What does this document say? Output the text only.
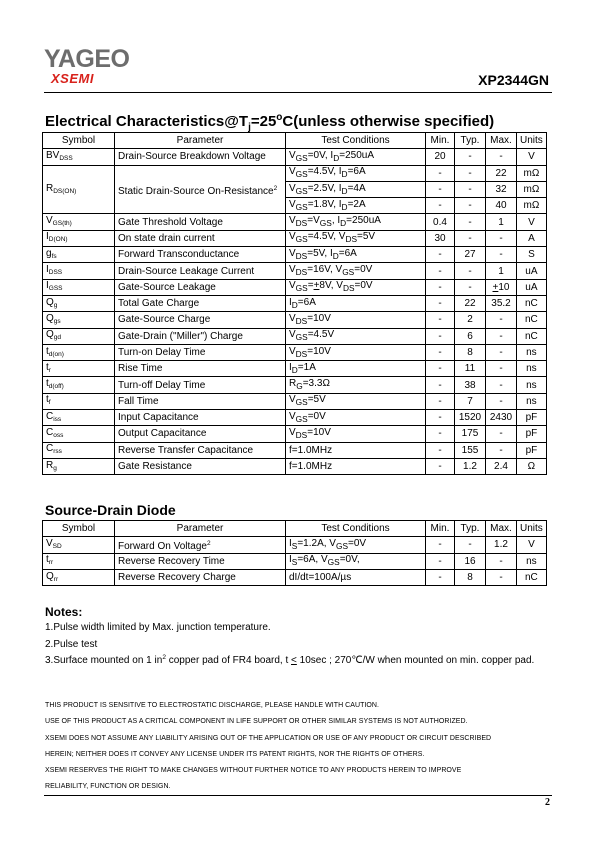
YAGEO
XSEMI	XP2344GN
Electrical $Characteristics@T_j=25^oC(unless$ otherwise specified)
Symbol	Parameter	Test Conditions	Min.	Typ.	Max.	Units
$BV_{DSS}$	Drain-Source Breakdown Voltage	$V_{GS}=0V$, $I_D=250uA$	20	-	-	V
$R_{DS(ON)}$	Static Drain-Source On-Resistance$^2$	$V_{GS}=4.5V$, $I_D=6A$	-	-	22	mΩ
		$V_{GS}=2.5V$, $I_D=4A$	-	-	32	mΩ
		$V_{GS}=1.8V$, $I_D=2A$	-	-	40	mΩ
$V_{GS(th)}$	Gate Threshold Voltage	$V_{DS}=V_{GS}$, $I_D=250uA$	0.4	-	1	V
$I_{D(ON)}$	On state drain current	$V_{GS}=4.5V$, $V_{DS}=5V$	30	-	-	A
$g_{fs}$	Forward Transconductance	$V_{DS}=5V$, $I_D=6A$	-	27	-	S
$I_{DSS}$	Drain-Source Leakage Current	$V_{DS}=16V$, $V_{GS}=0V$	-	-	1	uA
$I_{GSS}$	Gate-Source Leakage	$V_{GS}=+8V$, $V_{DS}=0V$	-	-	+10	uA
$Q_g$	Total Gate Charge	$I_D=6A$	-	22	35.2	nC
$Q_{gs}$	Gate-Source Charge	$V_{DS}=10V$	-	2	-	nC
$Q_{gd}$	Gate-Drain ("Miller") Charge	$V_{GS}=4.5V$	-	6	-	nC
$t_{d(on)}$	Turn-on Delay Time	$V_{DS}=10V$	-	8	-	ns
$t_r$	Rise Time	$I_D=1A$	-	11	-	ns
$t_{d(off)}$	Turn-off Delay Time	$R_G=3.3\Omega$	-	38	-	ns
$t_f$	Fall Time	$V_{GS}=5V$	-	7	-	ns
$C_{iss}$	Input Capacitance	$V_{GS}=0V$	-	1520	2430	pF
$C_{oss}$	Output Capacitance	$V_{DS}=10V$	-	175	-	pF
$C_{rss}$	Reverse Transfer Capacitance	f=1.0MHz	-	155	-	pF
$R_g$	Gate Resistance	f=1.0MHz	-	1.2	2.4	Ω
Source-Drain Diode
Symbol	Parameter	Test Conditions	Min.	Typ.	Max.	Units
$V_{SD}$	Forward On Voltage$^2$	$I_S=1.2A$, $V_{GS}=0V$	-	-	1.2	V
$t_{rr}$	Reverse Recovery Time	$I_S=6A$, $V_{GS}=0V$,	-	16	-	ns
$Q_{rr}$	Reverse Recovery Charge	dI/dt=100A/µs	-	8	-	nC
Notes:
1.Pulse width limited by Max. junction temperature.
2.Pulse test
3.Surface mounted on 1 $in^2$ copper pad of FR4 board, t < 10sec ; 270℃/W when mounted on min. copper pad.
THIS PRODUCT IS SENSITIVE TO ELECTROSTATIC DISCHARGE, PLEASE HANDLE WITH CAUTION.
USE OF THIS PRODUCT AS A CRITICAL COMPONENT IN LIFE SUPPORT OR OTHER SIMILAR SYSTEMS IS NOT AUTHORIZED.
XSEMI DOES NOT ASSUME ANY LIABILITY ARISING OUT OF THE APPLICATION OR USE OF ANY PRODUCT OR CIRCUIT DESCRIBED
HEREIN; NEITHER DOES IT CONVEY ANY LICENSE UNDER ITS PATENT RIGHTS, NOR THE RIGHTS OF OTHERS.
XSEMI RESERVES THE RIGHT TO MAKE CHANGES WITHOUT FURTHER NOTICE TO ANY PRODUCTS HEREIN TO IMPROVE
RELIABILITY, FUNCTION OR DESIGN.
2
